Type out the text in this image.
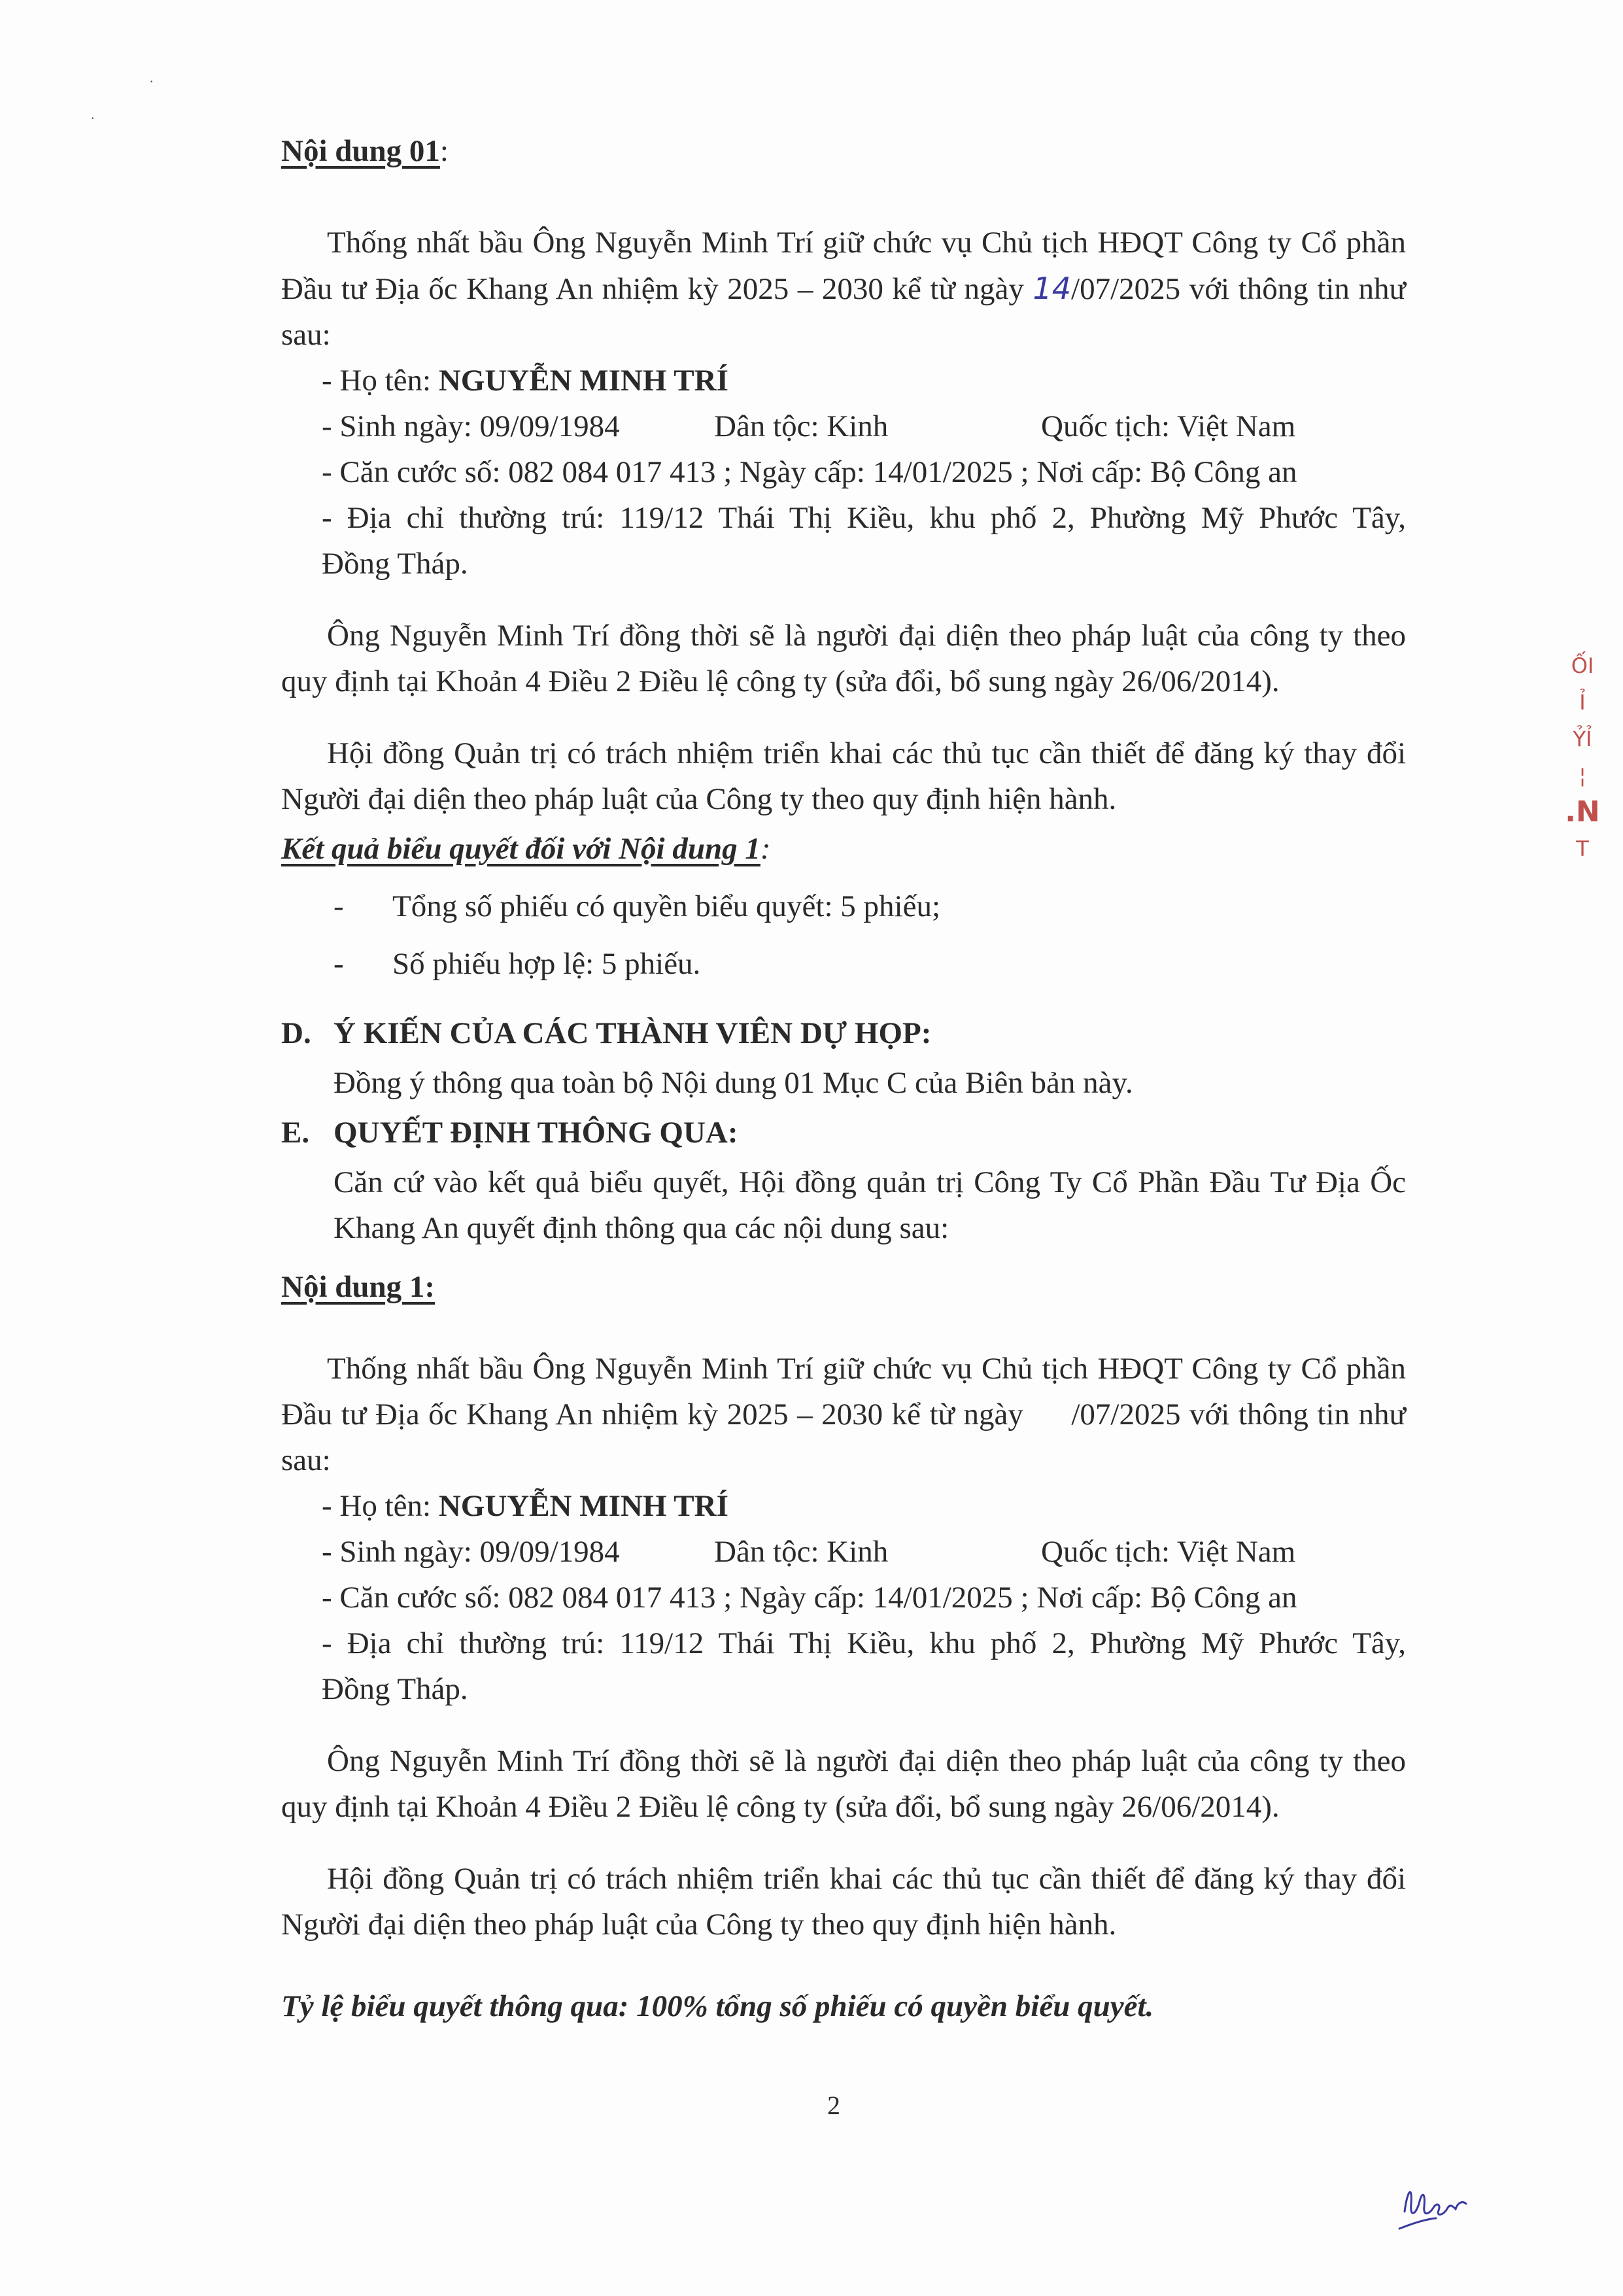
·
·

Nội dung 01:

Thống nhất bầu Ông Nguyễn Minh Trí giữ chức vụ Chủ tịch HĐQT Công ty Cổ phần Đầu tư Địa ốc Khang An nhiệm kỳ 2025 – 2030 kể từ ngày 14/07/2025 với thông tin như sau:

- Họ tên: NGUYỄN MINH TRÍ

- Sinh ngày: 09/09/1984	Dân tộc: Kinh	Quốc tịch: Việt Nam

- Căn cước số: 082 084 017 413 ; Ngày cấp: 14/01/2025 ; Nơi cấp: Bộ Công an

- Địa chỉ thường trú: 119/12 Thái Thị Kiều, khu phố 2, Phường Mỹ Phước Tây,

Đồng Tháp.

Ông Nguyễn Minh Trí đồng thời sẽ là người đại diện theo pháp luật của công ty theo quy định tại Khoản 4 Điều 2 Điều lệ công ty (sửa đổi, bổ sung ngày 26/06/2014).

Hội đồng Quản trị có trách nhiệm triển khai các thủ tục cần thiết để đăng ký thay đổi Người đại diện theo pháp luật của Công ty theo quy định hiện hành.

Kết quả biểu quyết đối với Nội dung 1:

-	Tổng số phiếu có quyền biểu quyết: 5 phiếu;
-	Số phiếu hợp lệ: 5 phiếu.
D. Ý KIẾN CỦA CÁC THÀNH VIÊN DỰ HỌP:

Đồng ý thông qua toàn bộ Nội dung 01 Mục C của Biên bản này.

E. QUYẾT ĐỊNH THÔNG QUA:

Căn cứ vào kết quả biểu quyết, Hội đồng quản trị Công Ty Cổ Phần Đầu Tư Địa Ốc Khang An quyết định thông qua các nội dung sau:

Nội dung 1:

Thống nhất bầu Ông Nguyễn Minh Trí giữ chức vụ Chủ tịch HĐQT Công ty Cổ phần Đầu tư Địa ốc Khang An nhiệm kỳ 2025 – 2030 kể từ ngày /07/2025 với thông tin như sau:

- Họ tên: NGUYỄN MINH TRÍ

- Sinh ngày: 09/09/1984	Dân tộc: Kinh	Quốc tịch: Việt Nam

- Căn cước số: 082 084 017 413 ; Ngày cấp: 14/01/2025 ; Nơi cấp: Bộ Công an

- Địa chỉ thường trú: 119/12 Thái Thị Kiều, khu phố 2, Phường Mỹ Phước Tây,

Đồng Tháp.

Ông Nguyễn Minh Trí đồng thời sẽ là người đại diện theo pháp luật của công ty theo quy định tại Khoản 4 Điều 2 Điều lệ công ty (sửa đổi, bổ sung ngày 26/06/2014).

Hội đồng Quản trị có trách nhiệm triển khai các thủ tục cần thiết để đăng ký thay đổi Người đại diện theo pháp luật của Công ty theo quy định hiện hành.

Tỷ lệ biểu quyết thông qua: 100% tổng số phiếu có quyền biểu quyết.

2
ỐI
Ỉ
ỶỈ
¦
.N
T
